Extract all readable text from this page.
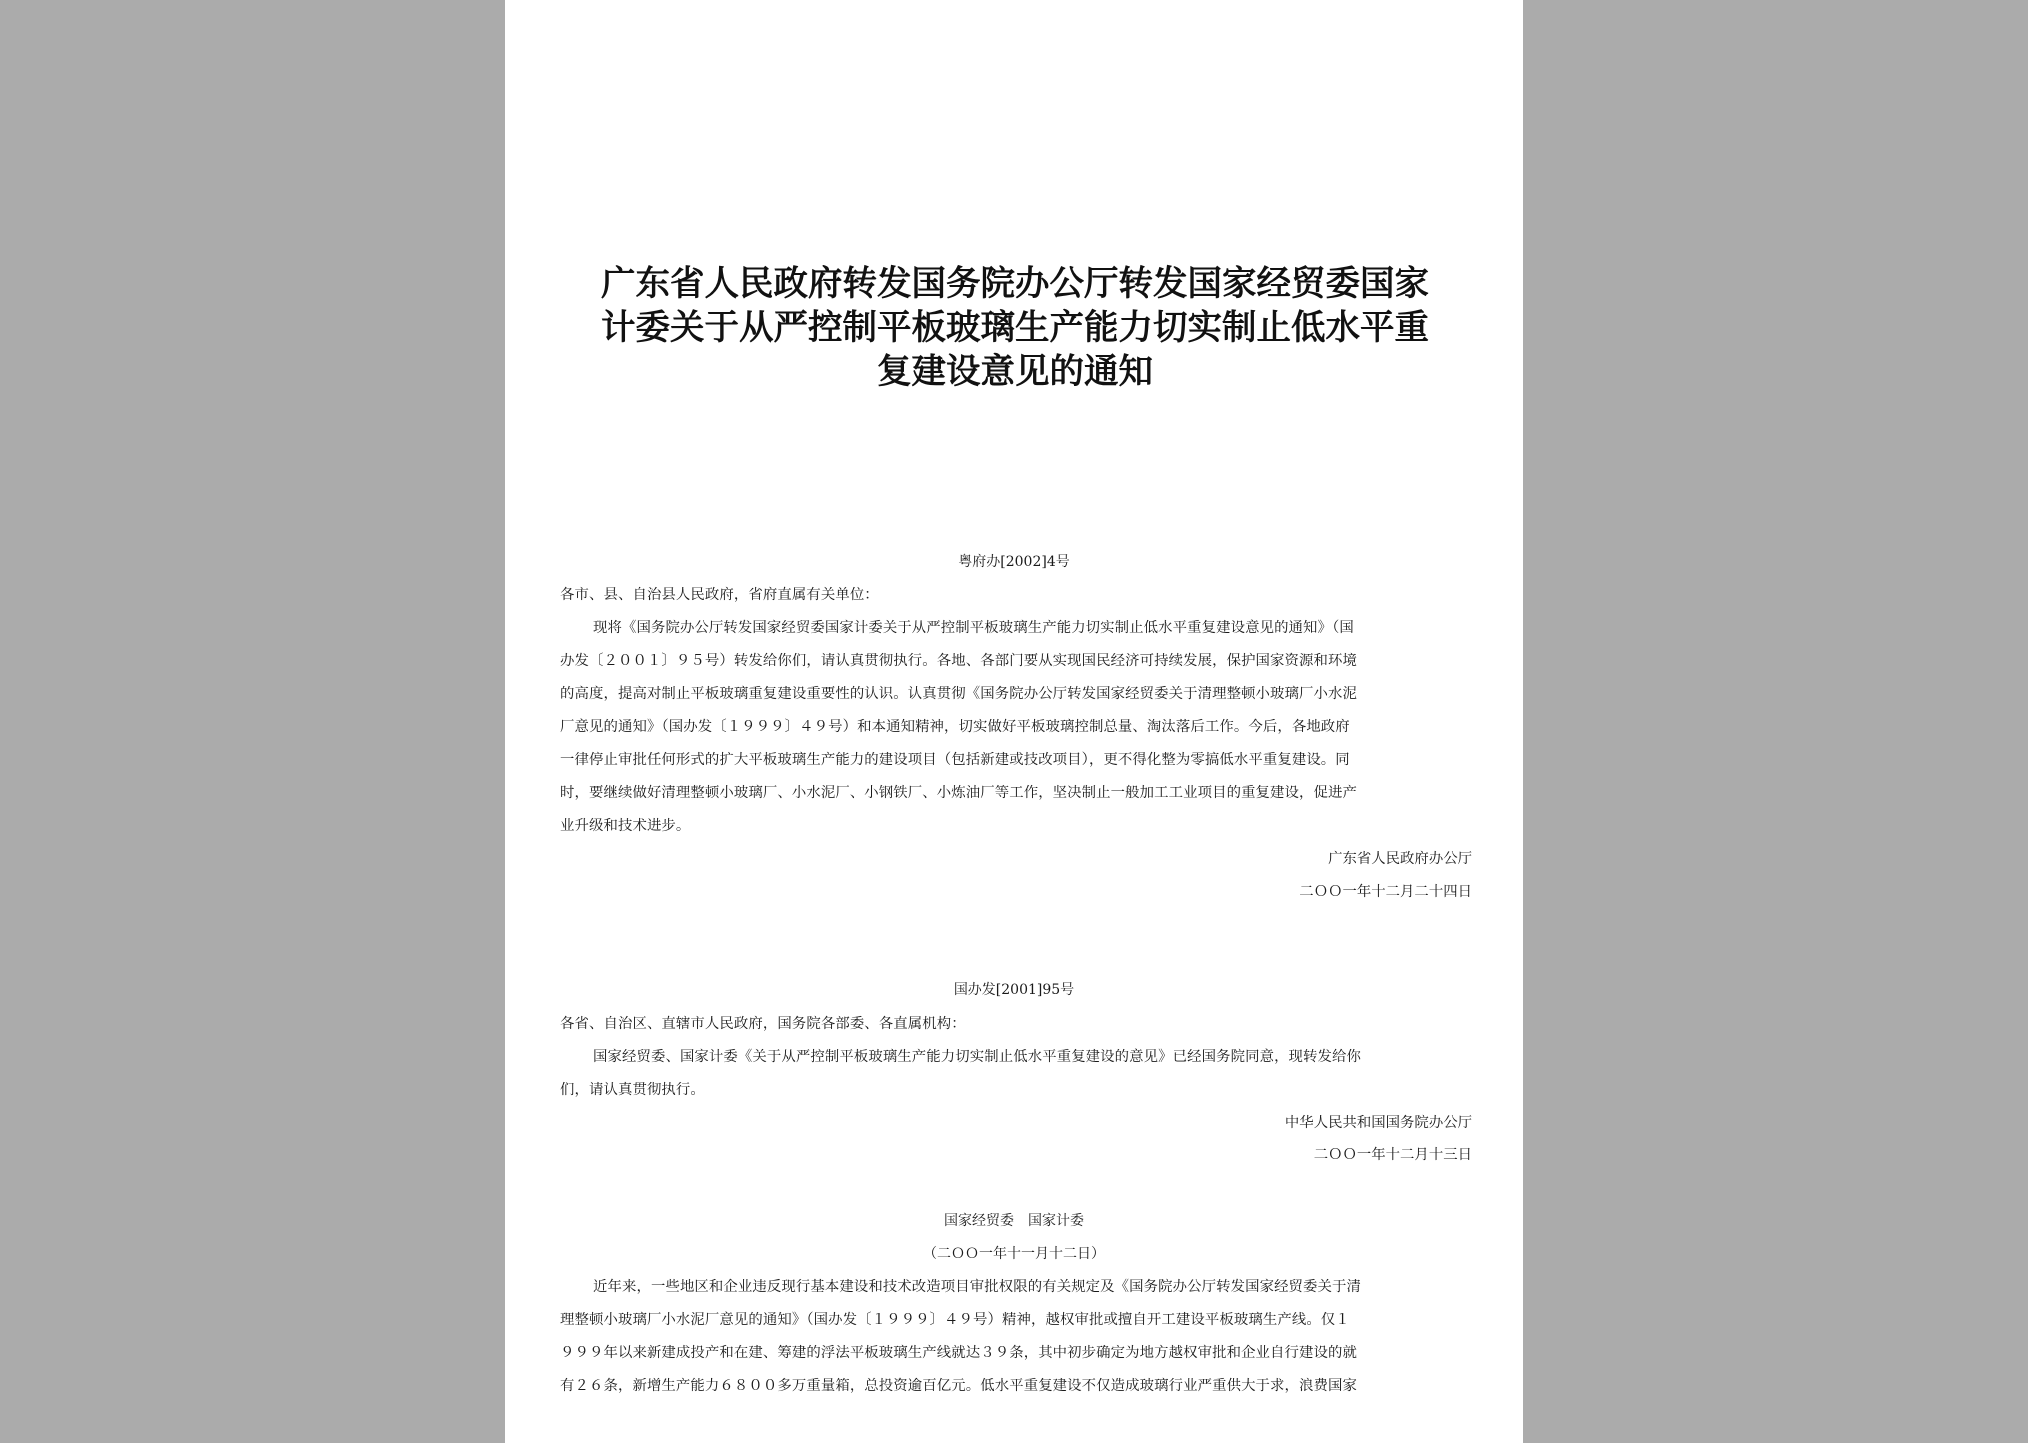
广东省人民政府转发国务院办公厅转发国家经贸委国家
计委关于从严控制平板玻璃生产能力切实制止低水平重
复建设意见的通知
粤府办[2002]4号
各市、县、自治县人民政府，省府直属有关单位：
现将《国务院办公厅转发国家经贸委国家计委关于从严控制平板玻璃生产能力切实制止低水平重复建设意见的通知》（国
办发〔２００１〕９５号）转发给你们，请认真贯彻执行。各地、各部门要从实现国民经济可持续发展，保护国家资源和环境
的高度，提高对制止平板玻璃重复建设重要性的认识。认真贯彻《国务院办公厅转发国家经贸委关于清理整顿小玻璃厂小水泥
厂意见的通知》（国办发〔１９９９〕４９号）和本通知精神，切实做好平板玻璃控制总量、淘汰落后工作。今后，各地政府
一律停止审批任何形式的扩大平板玻璃生产能力的建设项目（包括新建或技改项目），更不得化整为零搞低水平重复建设。同
时，要继续做好清理整顿小玻璃厂、小水泥厂、小钢铁厂、小炼油厂等工作，坚决制止一般加工工业项目的重复建设，促进产
业升级和技术进步。
广东省人民政府办公厅
二ＯＯ一年十二月二十四日
国办发[2001]95号
各省、自治区、直辖市人民政府，国务院各部委、各直属机构：
国家经贸委、国家计委《关于从严控制平板玻璃生产能力切实制止低水平重复建设的意见》已经国务院同意，现转发给你
们，请认真贯彻执行。
中华人民共和国国务院办公厅
二ＯＯ一年十二月十三日
国家经贸委　国家计委
（二ＯＯ一年十一月十二日）
近年来，一些地区和企业违反现行基本建设和技术改造项目审批权限的有关规定及《国务院办公厅转发国家经贸委关于清
理整顿小玻璃厂小水泥厂意见的通知》（国办发〔１９９９〕４９号）精神，越权审批或擅自开工建设平板玻璃生产线。仅１
９９９年以来新建成投产和在建、筹建的浮法平板玻璃生产线就达３９条，其中初步确定为地方越权审批和企业自行建设的就
有２６条，新增生产能力６８００多万重量箱，总投资逾百亿元。低水平重复建设不仅造成玻璃行业严重供大于求，浪费国家
